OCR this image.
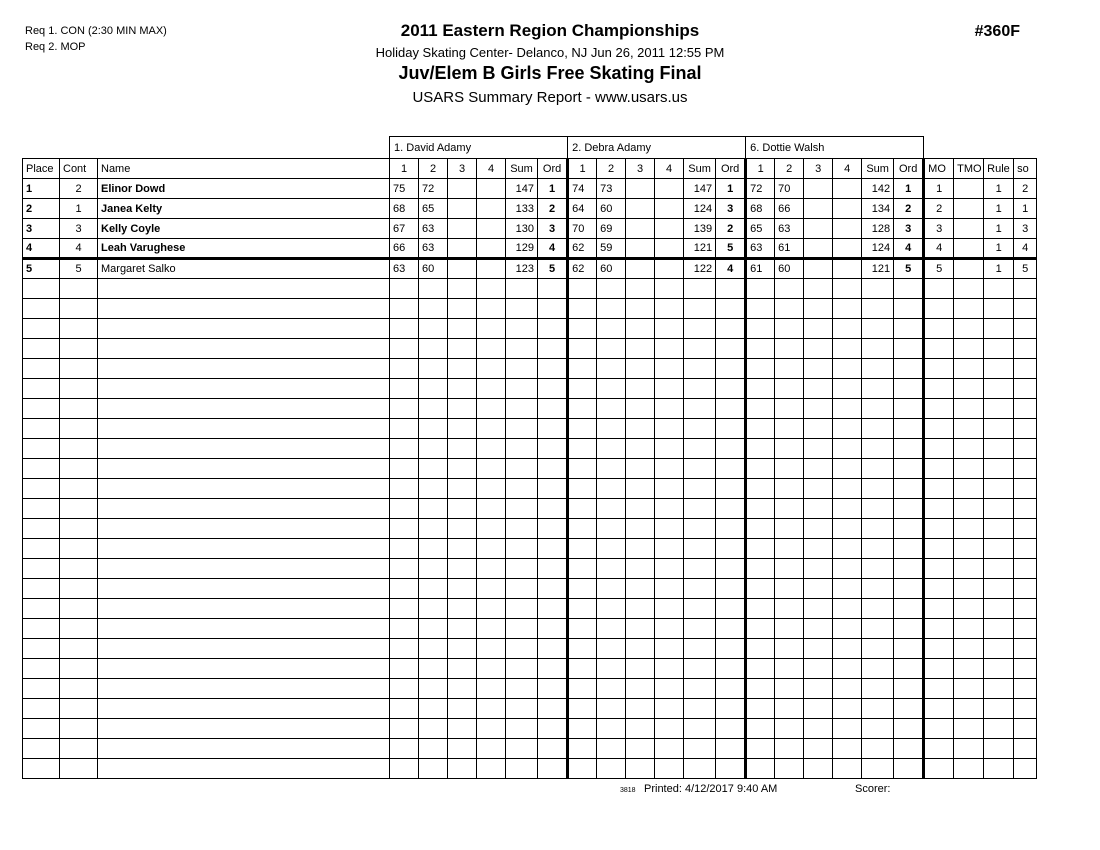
Req 1. CON (2:30 MIN MAX)
Req 2. MOP
2011 Eastern Region Championships
Holiday Skating Center- Delanco, NJ Jun 26, 2011 12:55 PM
Juv/Elem B Girls Free Skating Final
USARS Summary Report - www.usars.us
#360F
			1. David Adamy						2. Debra Adamy						6. Dottie Walsh									
Place	Cont	Name	1	2	3	4	Sum	Ord	1	2	3	4	Sum	Ord	1	2	3	4	Sum	Ord	MO	TMO	Rule	so
1	2	Elinor Dowd	75	72			147	1	74	73			147	1	72	70			142	1	1		1	2
2	1	Janea Kelty	68	65			133	2	64	60			124	3	68	66			134	2	2		1	1
3	3	Kelly Coyle	67	63			130	3	70	69			139	2	65	63			128	3	3		1	3
4	4	Leah Varughese	66	63			129	4	62	59			121	5	63	61			124	4	4		1	4
5	5	Margaret Salko	63	60			123	5	62	60			122	4	61	60			121	5	5		1	5

3818 Printed: 4/12/2017 9:40 AM	Scorer:
